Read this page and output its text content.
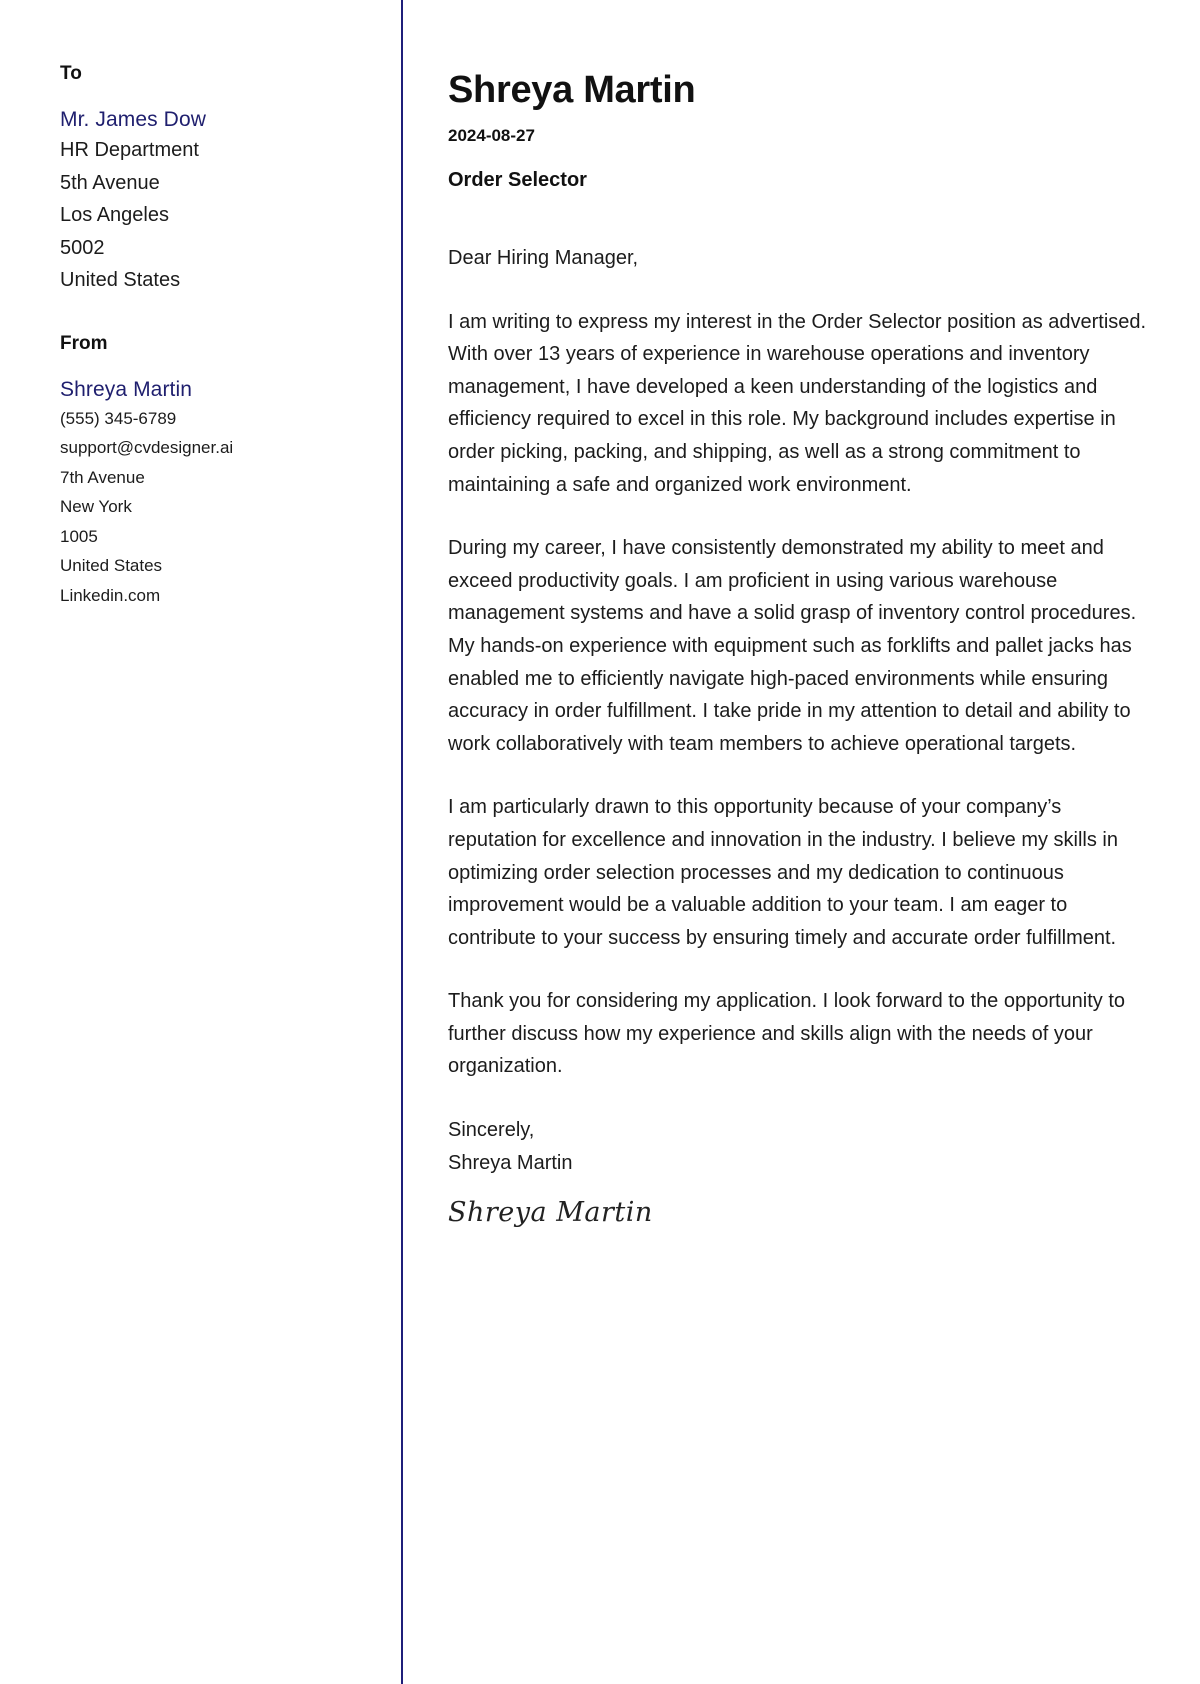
To
Mr. James Dow
HR Department
5th Avenue
Los Angeles
5002
United States
From
Shreya Martin
(555) 345-6789
support@cvdesigner.ai
7th Avenue
New York
1005
United States
Linkedin.com
Shreya Martin
2024-08-27
Order Selector

Dear Hiring Manager,

I am writing to express my interest in the Order Selector position as advertised. With over 13 years of experience in warehouse operations and inventory management, I have developed a keen understanding of the logistics and efficiency required to excel in this role. My background includes expertise in order picking, packing, and shipping, as well as a strong commitment to maintaining a safe and organized work environment.

During my career, I have consistently demonstrated my ability to meet and exceed productivity goals. I am proficient in using various warehouse management systems and have a solid grasp of inventory control procedures. My hands-on experience with equipment such as forklifts and pallet jacks has enabled me to efficiently navigate high-paced environments while ensuring accuracy in order fulfillment. I take pride in my attention to detail and ability to work collaboratively with team members to achieve operational targets.

I am particularly drawn to this opportunity because of your company’s reputation for excellence and innovation in the industry. I believe my skills in optimizing order selection processes and my dedication to continuous improvement would be a valuable addition to your team. I am eager to contribute to your success by ensuring timely and accurate order fulfillment.

Thank you for considering my application. I look forward to the opportunity to further discuss how my experience and skills align with the needs of your organization.

Sincerely,
Shreya Martin
Shreya Martin
